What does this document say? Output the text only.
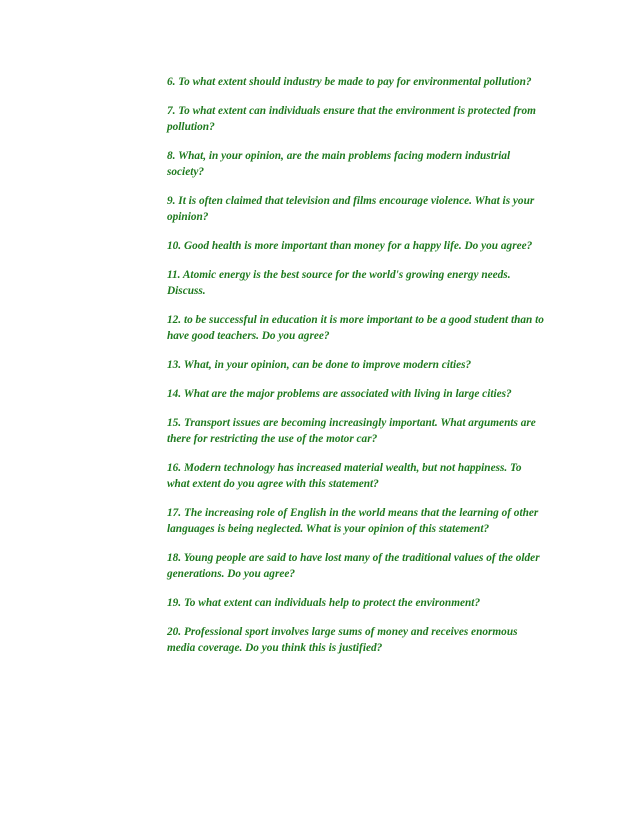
6. To what extent should industry be made to pay for environmental pollution?
7. To what extent can individuals ensure that the environment is protected from pollution?
8. What, in your opinion, are the main problems facing modern industrial society?
9. It is often claimed that television and films encourage violence. What is your opinion?
10. Good health is more important than money for a happy life. Do you agree?
11. Atomic energy is the best source for the world's growing energy needs. Discuss.
12. to be successful in education it is more important to be a good student than to have good teachers. Do you agree?
13. What, in your opinion, can be done to improve modern cities?
14. What are the major problems are associated with living in large cities?
15. Transport issues are becoming increasingly important. What arguments are there for restricting the use of the motor car?
16. Modern technology has increased material wealth, but not happiness. To what extent do you agree with this statement?
17. The increasing role of English in the world means that the learning of other languages is being neglected. What is your opinion of this statement?
18. Young people are said to have lost many of the traditional values of the older generations. Do you agree?
19. To what extent can individuals help to protect the environment?
20. Professional sport involves large sums of money and receives enormous media coverage. Do you think this is justified?
